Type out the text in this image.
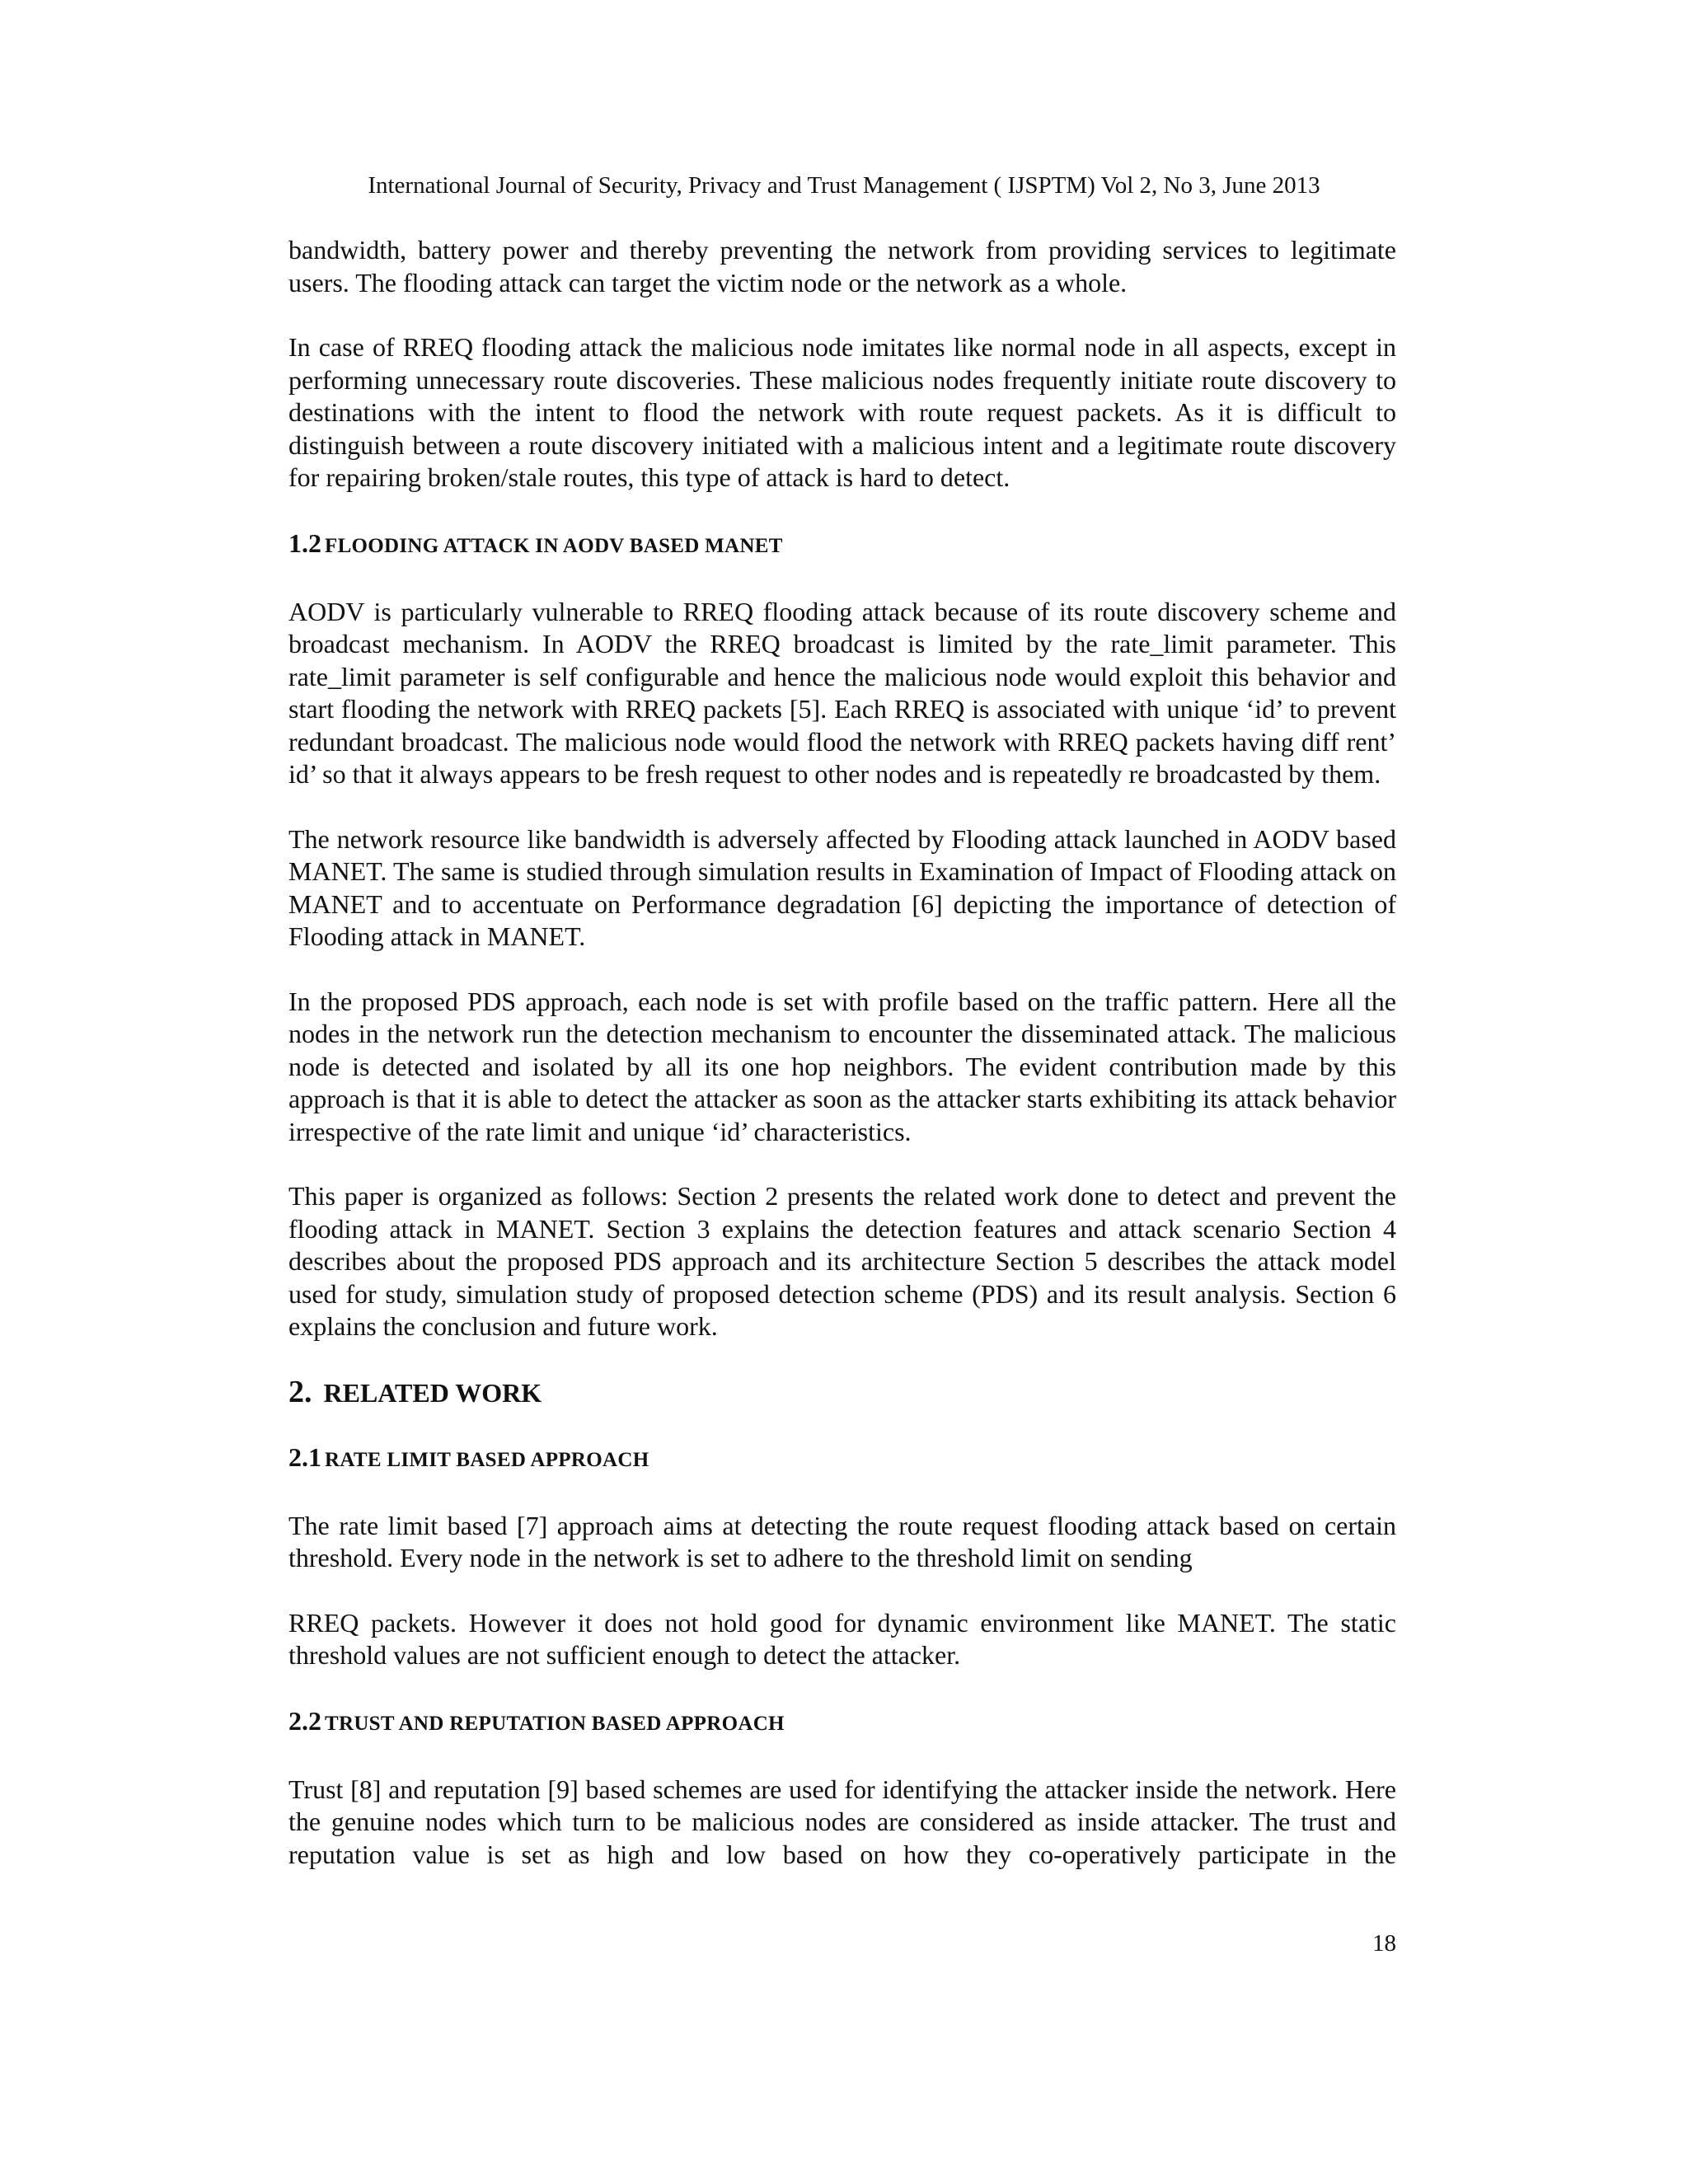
International Journal of Security, Privacy and Trust Management ( IJSPTM) Vol 2, No 3, June 2013

bandwidth, battery power and thereby preventing the network from providing services to legitimate users. The flooding attack can target the victim node or the network as a whole.

In case of RREQ flooding attack the malicious node imitates like normal node in all aspects, except in performing unnecessary route discoveries. These malicious nodes frequently initiate route discovery to destinations with the intent to flood the network with route request packets. As it is difficult to distinguish between a route discovery initiated with a malicious intent and a legitimate route discovery for repairing broken/stale routes, this type of attack is hard to detect.

1.2 FLOODING ATTACK IN AODV BASED MANET

AODV is particularly vulnerable to RREQ flooding attack because of its route discovery scheme and broadcast mechanism. In AODV the RREQ broadcast is limited by the rate_limit parameter. This rate_limit parameter is self configurable and hence the malicious node would exploit this behavior and start flooding the network with RREQ packets [5]. Each RREQ is associated with unique ‘id’ to prevent redundant broadcast. The malicious node would flood the network with RREQ packets having diff rent’ id’ so that it always appears to be fresh request to other nodes and is repeatedly re broadcasted by them.

The network resource like bandwidth is adversely affected by Flooding attack launched in AODV based MANET. The same is studied through simulation results in Examination of Impact of Flooding attack on MANET and to accentuate on Performance degradation [6] depicting the importance of detection of Flooding attack in MANET.

In the proposed PDS approach, each node is set with profile based on the traffic pattern. Here all the nodes in the network run the detection mechanism to encounter the disseminated attack. The malicious node is detected and isolated by all its one hop neighbors. The evident contribution made by this approach is that it is able to detect the attacker as soon as the attacker starts exhibiting its attack behavior irrespective of the rate limit and unique ‘id’ characteristics.

This paper is organized as follows: Section 2 presents the related work done to detect and prevent the flooding attack in MANET. Section 3 explains the detection features and attack scenario Section 4 describes about the proposed PDS approach and its architecture Section 5 describes the attack model used for study, simulation study of proposed detection scheme (PDS) and its result analysis. Section 6 explains the conclusion and future work.

2. RELATED WORK
2.1 RATE LIMIT BASED APPROACH

The rate limit based [7] approach aims at detecting the route request flooding attack based on certain threshold. Every node in the network is set to adhere to the threshold limit on sending

RREQ packets. However it does not hold good for dynamic environment like MANET. The static threshold values are not sufficient enough to detect the attacker.

2.2 TRUST AND REPUTATION BASED APPROACH

Trust [8] and reputation [9] based schemes are used for identifying the attacker inside the network. Here the genuine nodes which turn to be malicious nodes are considered as inside attacker. The trust and reputation value is set as high and low based on how they co-operatively participate in the

18
